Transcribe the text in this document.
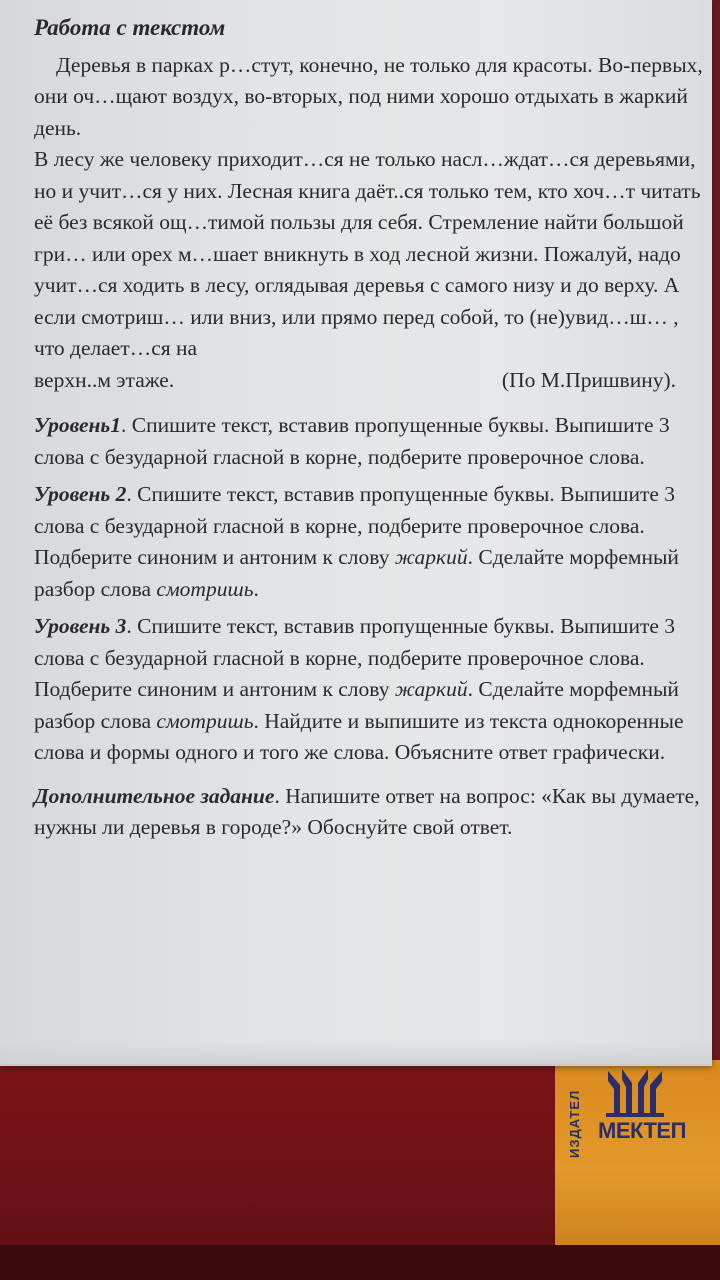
ИЗДАТЕЛ МЕКТЕП
Работа с текстом

Деревья в парках р…стут, конечно, не только для красоты. Во-первых, они оч…щают воздух, во-вторых, под ними хорошо отдыхать в жаркий день.

В лесу же человеку приходит…ся не только насл…ждат…ся деревьями, но и учит…ся у них. Лесная книга даёт..ся только тем, кто хоч…т читать её без всякой ощ…тимой пользы для себя. Стремление найти большой гри… или орех м…шает вникнуть в ход лесной жизни. Пожалуй, надо учит…ся ходить в лесу, оглядывая деревья с самого низу и до верху. А если смотриш… или вниз, или прямо перед собой, то (не)увид…ш… , что делает…ся на

верхн..м этаже.	(По М.Пришвину).

Уровень1. Спишите текст, вставив пропущенные буквы. Выпишите 3 слова с безударной гласной в корне, подберите проверочное слова.

Уровень 2. Спишите текст, вставив пропущенные буквы. Выпишите 3 слова с безударной гласной в корне, подберите проверочное слова. Подберите синоним и антоним к слову жаркий. Сделайте морфемный разбор слова смотришь.

Уровень 3. Спишите текст, вставив пропущенные буквы. Выпишите 3 слова с безударной гласной в корне, подберите проверочное слова. Подберите синоним и антоним к слову жаркий. Сделайте морфемный разбор слова смотришь. Найдите и выпишите из текста однокоренные слова и формы одного и того же слова. Объясните ответ графически.

Дополнительное задание. Напишите ответ на вопрос: «Как вы думаете, нужны ли деревья в городе?» Обоснуйте свой ответ.
